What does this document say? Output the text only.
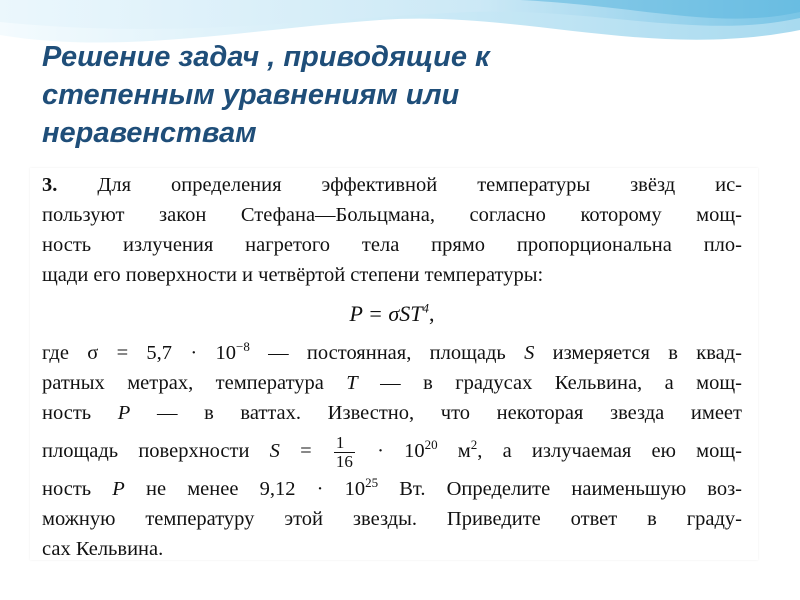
Решение задач , приводящие к
степенным уравнениям или
неравенствам
3. Для определения эффективной температуры звёзд ис-
пользуют закон Стефана—Больцмана, согласно которому мощ-
ность излучения нагретого тела прямо пропорциональна пло-
щади его поверхности и четвёртой степени температуры:
P = σST$^4$,
где $\sigma = 5,7 \cdot 10^{-8}$ — постоянная, площадь S измеряется в квад-
ратных метрах, температура T — в градусах Кельвина, а мощ-
ность P — в ваттах. Известно, что некоторая звезда имеет
площадь поверхности $S = \frac{1}{16} \cdot 10^{20}$ $м^2$, а излучаемая ею мощ-
ность P не менее $9,12 \cdot 10^{25}$ Вт. Определите наименьшую воз-
можную температуру этой звезды. Приведите ответ в граду-
сах Кельвина.
